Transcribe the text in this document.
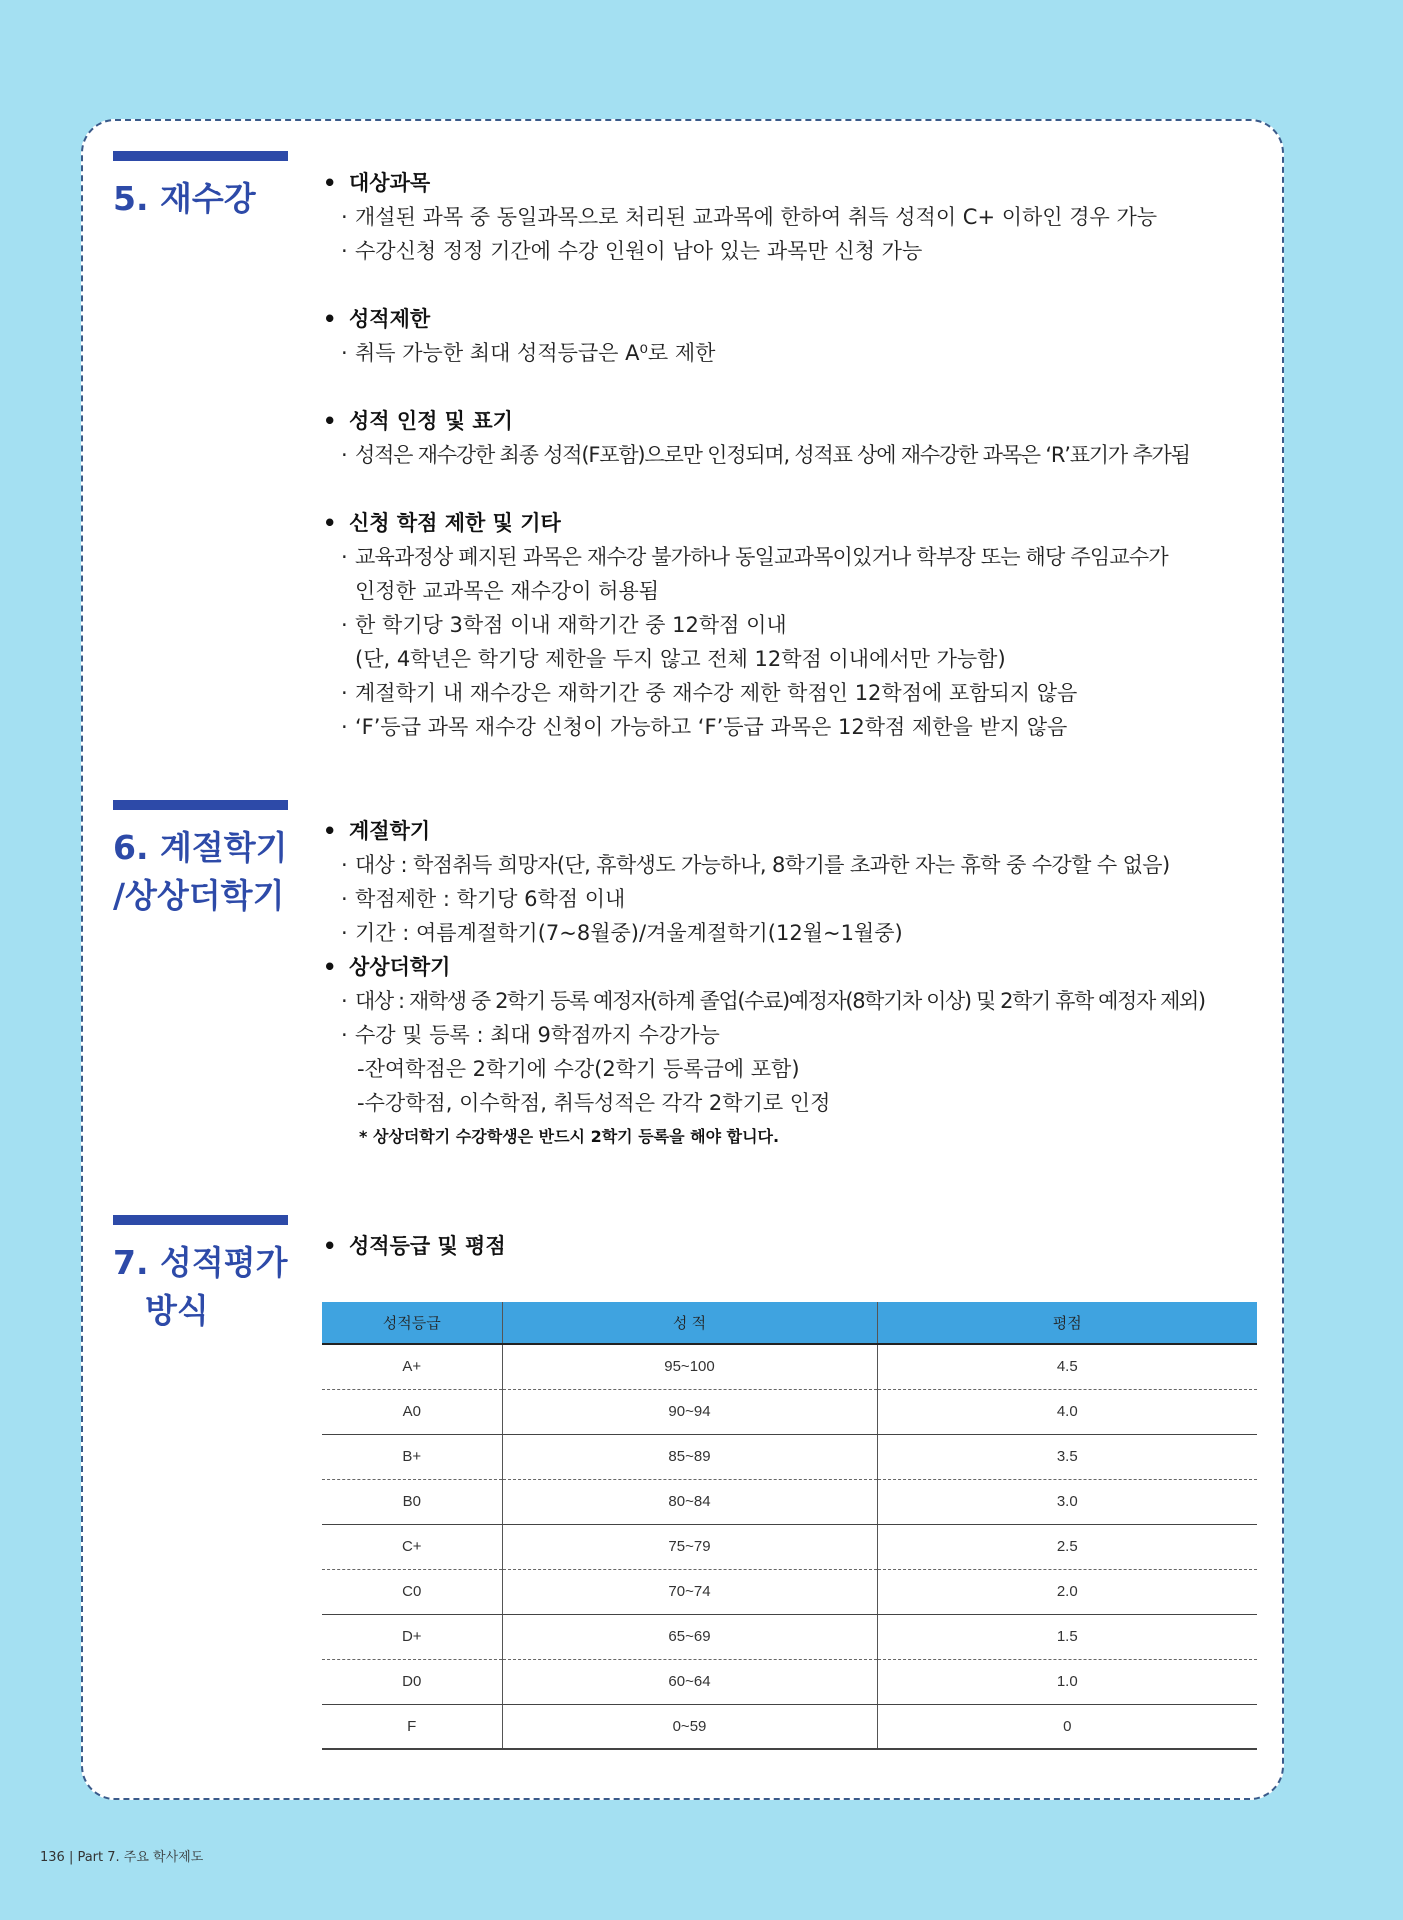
5. 재수강	• 대상과목
· 개설된 과목 중 동일과목으로 처리된 교과목에 한하여 취득 성적이 C+ 이하인 경우 가능
· 수강신청 정정 기간에 수강 인원이 남아 있는 과목만 신청 가능
• 성적제한
· 취득 가능한 최대 성적등급은 A⁰로 제한
• 성적 인정 및 표기
· 성적은 재수강한 최종 성적(F포함)으로만 인정되며, 성적표 상에 재수강한 과목은 ‘R’표기가 추가됨
• 신청 학점 제한 및 기타
· 교육과정상 폐지된 과목은 재수강 불가하나 동일교과목이있거나 학부장 또는 해당 주임교수가
인정한 교과목은 재수강이 허용됨
· 한 학기당 3학점 이내 재학기간 중 12학점 이내
(단, 4학년은 학기당 제한을 두지 않고 전체 12학점 이내에서만 가능함)
· 계절학기 내 재수강은 재학기간 중 재수강 제한 학점인 12학점에 포함되지 않음
· ‘F’등급 과목 재수강 신청이 가능하고 ‘F’등급 과목은 12학점 제한을 받지 않음
6. 계절학기
/상상더학기
• 계절학기
· 대상 : 학점취득 희망자(단, 휴학생도 가능하나, 8학기를 초과한 자는 휴학 중 수강할 수 없음)
· 학점제한 : 학기당 6학점 이내
· 기간 : 여름계절학기(7~8월중)/겨울계절학기(12월~1월중)
• 상상더학기
· 대상 : 재학생 중 2학기 등록 예정자(하계 졸업(수료)예정자(8학기차 이상) 및 2학기 휴학 예정자 제외)
· 수강 및 등록 : 최대 9학점까지 수강가능
-잔여학점은 2학기에 수강(2학기 등록금에 포함)
-수강학점, 이수학점, 취득성적은 각각 2학기로 인정
* 상상더학기 수강학생은 반드시 2학기 등록을 해야 합니다.
7. 성적평가
방식
• 성적등급 및 평점
성적등급	성 적	평점
A+	95~100	4.5
A0	90~94	4.0
B+	85~89	3.5
B0	80~84	3.0
C+	75~79	2.5
C0	70~74	2.0
D+	65~69	1.5
D0	60~64	1.0
F	0~59	0
136 | Part 7. 주요 학사제도
